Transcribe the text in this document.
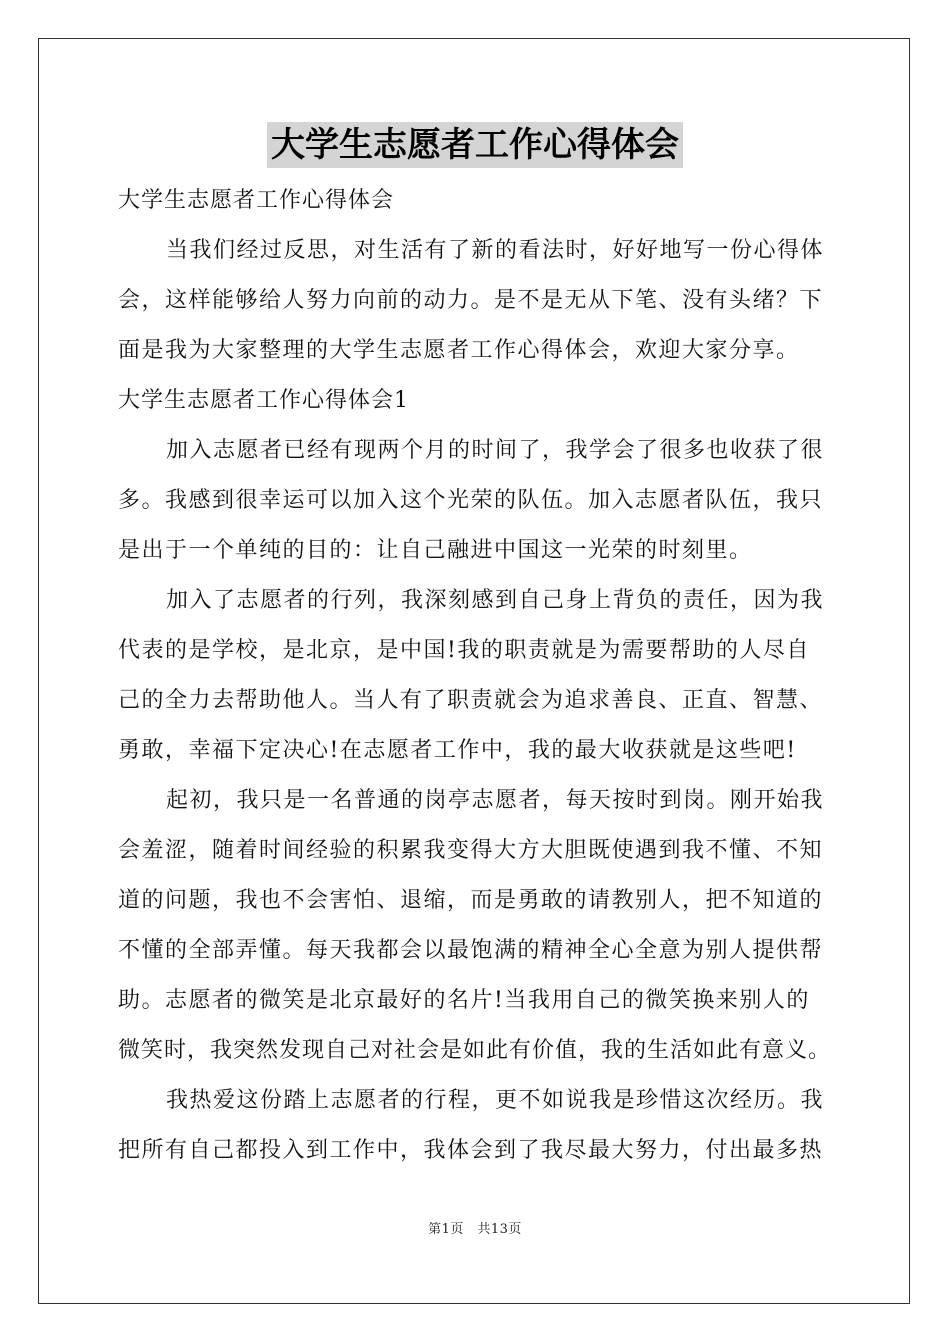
大学生志愿者工作心得体会
大学生志愿者工作心得体会
当我们经过反思，对生活有了新的看法时，好好地写一份心得体
会，这样能够给人努力向前的动力。是不是无从下笔、没有头绪？下
面是我为大家整理的大学生志愿者工作心得体会，欢迎大家分享。
大学生志愿者工作心得体会1
加入志愿者已经有现两个月的时间了，我学会了很多也收获了很
多。我感到很幸运可以加入这个光荣的队伍。加入志愿者队伍，我只
是出于一个单纯的目的：让自己融进中国这一光荣的时刻里。
加入了志愿者的行列，我深刻感到自己身上背负的责任，因为我
代表的是学校，是北京，是中国!我的职责就是为需要帮助的人尽自
己的全力去帮助他人。当人有了职责就会为追求善良、正直、智慧、
勇敢，幸福下定决心!在志愿者工作中，我的最大收获就是这些吧!
起初，我只是一名普通的岗亭志愿者，每天按时到岗。刚开始我
会羞涩，随着时间经验的积累我变得大方大胆既使遇到我不懂、不知
道的问题，我也不会害怕、退缩，而是勇敢的请教别人，把不知道的
不懂的全部弄懂。每天我都会以最饱满的精神全心全意为别人提供帮
助。志愿者的微笑是北京最好的名片!当我用自己的微笑换来别人的
微笑时，我突然发现自己对社会是如此有价值，我的生活如此有意义。
我热爱这份踏上志愿者的行程，更不如说我是珍惜这次经历。我
把所有自己都投入到工作中，我体会到了我尽最大努力，付出最多热
第1页　共13页
